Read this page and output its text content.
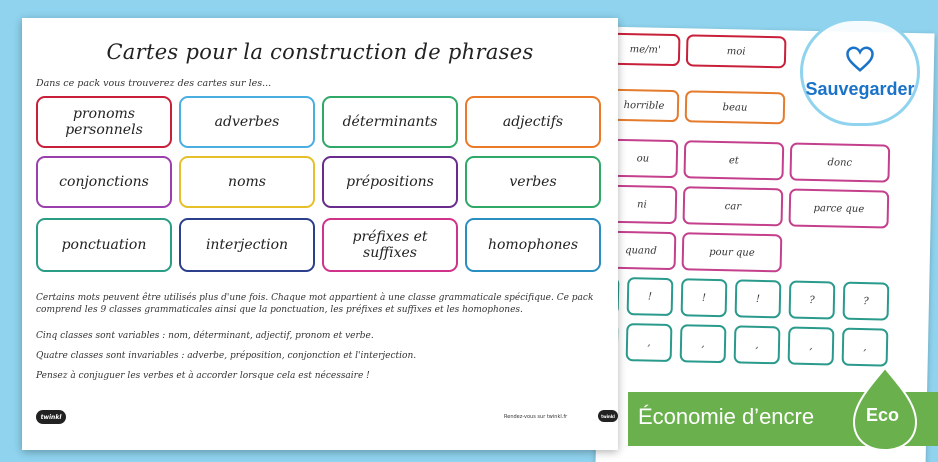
me/m'	moi
horrible	beau
ou	et	donc
ni	car	parce que
quand	pour que
!	!	!	?	?
,	,	,	,	,
Cartes pour la construction de phrases
Dans ce pack vous trouverez des cartes sur les...
pronoms personnels	adverbes	déterminants	adjectifs
conjonctions	noms	prépositions	verbes
ponctuation	interjection	préfixes et suffixes	homophones
Certains mots peuvent être utilisés plus d'une fois. Chaque mot appartient à une classe grammaticale spécifique. Ce pack comprend les 9 classes grammaticales ainsi que la ponctuation, les préfixes et suffixes et les homophones.
Cinq classes sont variables : nom, déterminant, adjectif, pronom et verbe.
Quatre classes sont invariables : adverbe, préposition, conjonction et l'interjection.
Pensez à conjuguer les verbes et à accorder lorsque cela est nécessaire !
twinkl	Rendez-vous sur twinkl.fr	twinkl
Sauvegarder
Économie d’encre	Eco
